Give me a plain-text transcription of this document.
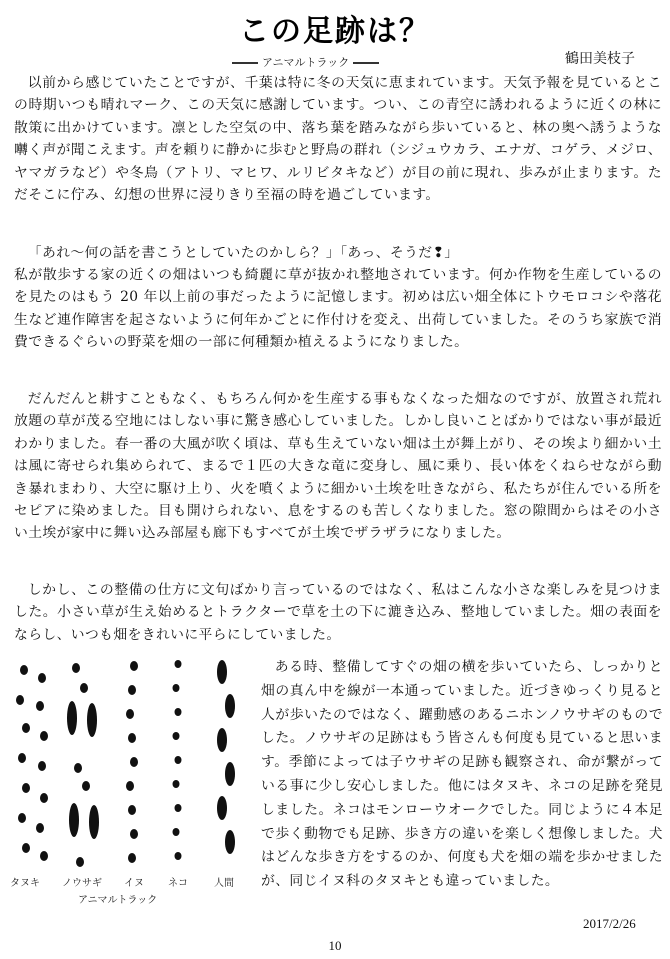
この足跡は？
アニマルトラック	鶴田美枝子

以前から感じていたことですが、千葉は特に冬の天気に恵まれています。天気予報を見ているとこの時期いつも晴れマーク、この天気に感謝しています。つい、この青空に誘われるように近くの林に散策に出かけています。凛とした空気の中、落ち葉を踏みながら歩いていると、林の奥へ誘うような囀く声が聞こえます。声を頼りに静かに歩むと野鳥の群れ（シジュウカラ、エナガ、コゲラ、メジロ、ヤマガラなど）や冬鳥（アトリ、マヒワ、ルリビタキなど）が目の前に現れ、歩みが止まります。ただそこに佇み、幻想の世界に浸りきり至福の時を過ごしています。

「あれ〜何の話を書こうとしていたのかしら？」「あっ、そうだ❢」

私が散歩する家の近くの畑はいつも綺麗に草が抜かれ整地されています。何か作物を生産しているのを見たのはもう 20 年以上前の事だったように記憶します。初めは広い畑全体にトウモロコシや落花生など連作障害を起さないように何年かごとに作付けを変え、出荷していました。そのうち家族で消費できるぐらいの野菜を畑の一部に何種類か植えるようになりました。

だんだんと耕すこともなく、もちろん何かを生産する事もなくなった畑なのですが、放置され荒れ放題の草が茂る空地にはしない事に驚き感心していました。しかし良いことばかりではない事が最近わかりました。春一番の大風が吹く頃は、草も生えていない畑は土が舞上がり、その埃より細かい土は風に寄せられ集められて、まるで１匹の大きな竜に変身し、風に乗り、長い体をくねらせながら動き暴れまわり、大空に駆け上り、火を噴くように細かい土埃を吐きながら、私たちが住んでいる所をセピアに染めました。目も開けられない、息をするのも苦しくなりました。窓の隙間からはその小さい土埃が家中に舞い込み部屋も廊下もすべてが土埃でザラザラになりました。

しかし、この整備の仕方に文句ばかり言っているのではなく、私はこんな小さな楽しみを見つけました。小さい草が生え始めるとトラクターで草を土の下に漉き込み、整地していました。畑の表面をならし、いつも畑をきれいに平らにしていました。

ある時、整備してすぐの畑の横を歩いていたら、しっかりと畑の真ん中を線が一本通っていました。近づきゆっくり見ると人が歩いたのではなく、躍動感のあるニホンノウサギのものでした。ノウサギの足跡はもう皆さんも何度も見ていると思います。季節によっては子ウサギの足跡も観察され、命が繋がっている事に少し安心しました。他にはタヌキ、ネコの足跡を発見しました。ネコはモンローウオークでした。同じように４本足で歩く動物でも足跡、歩き方の違いを楽しく想像しました。犬はどんな歩き方をするのか、何度も犬を畑の端を歩かせましたが、同じイヌ科のタヌキとも違っていました。

タヌキ ノウサギ イヌ ネコ	人間
アニマルトラック
2017/2/26
10
